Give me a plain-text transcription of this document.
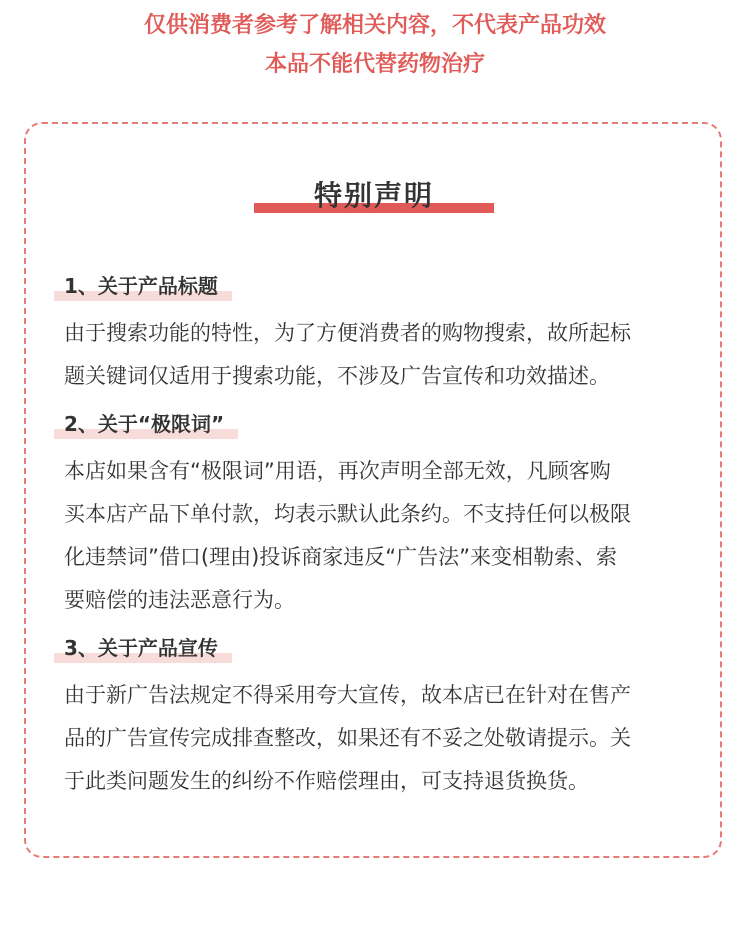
仅供消费者参考了解相关内容，不代表产品功效
本品不能代替药物治疗
特别声明
1、关于产品标题
由于搜索功能的特性，为了方便消费者的购物搜索，故所起标
题关键词仅适用于搜索功能，不涉及广告宣传和功效描述。
2、关于“极限词”
本店如果含有“极限词”用语，再次声明全部无效，凡顾客购
买本店产品下单付款，均表示默认此条约。不支持任何以极限
化违禁词”借口(理由)投诉商家违反“广告法”来变相勒索、索
要赔偿的违法恶意行为。
3、关于产品宣传
由于新广告法规定不得采用夸大宣传，故本店已在针对在售产
品的广告宣传完成排查整改，如果还有不妥之处敬请提示。关
于此类问题发生的纠纷不作赔偿理由，可支持退货换货。
